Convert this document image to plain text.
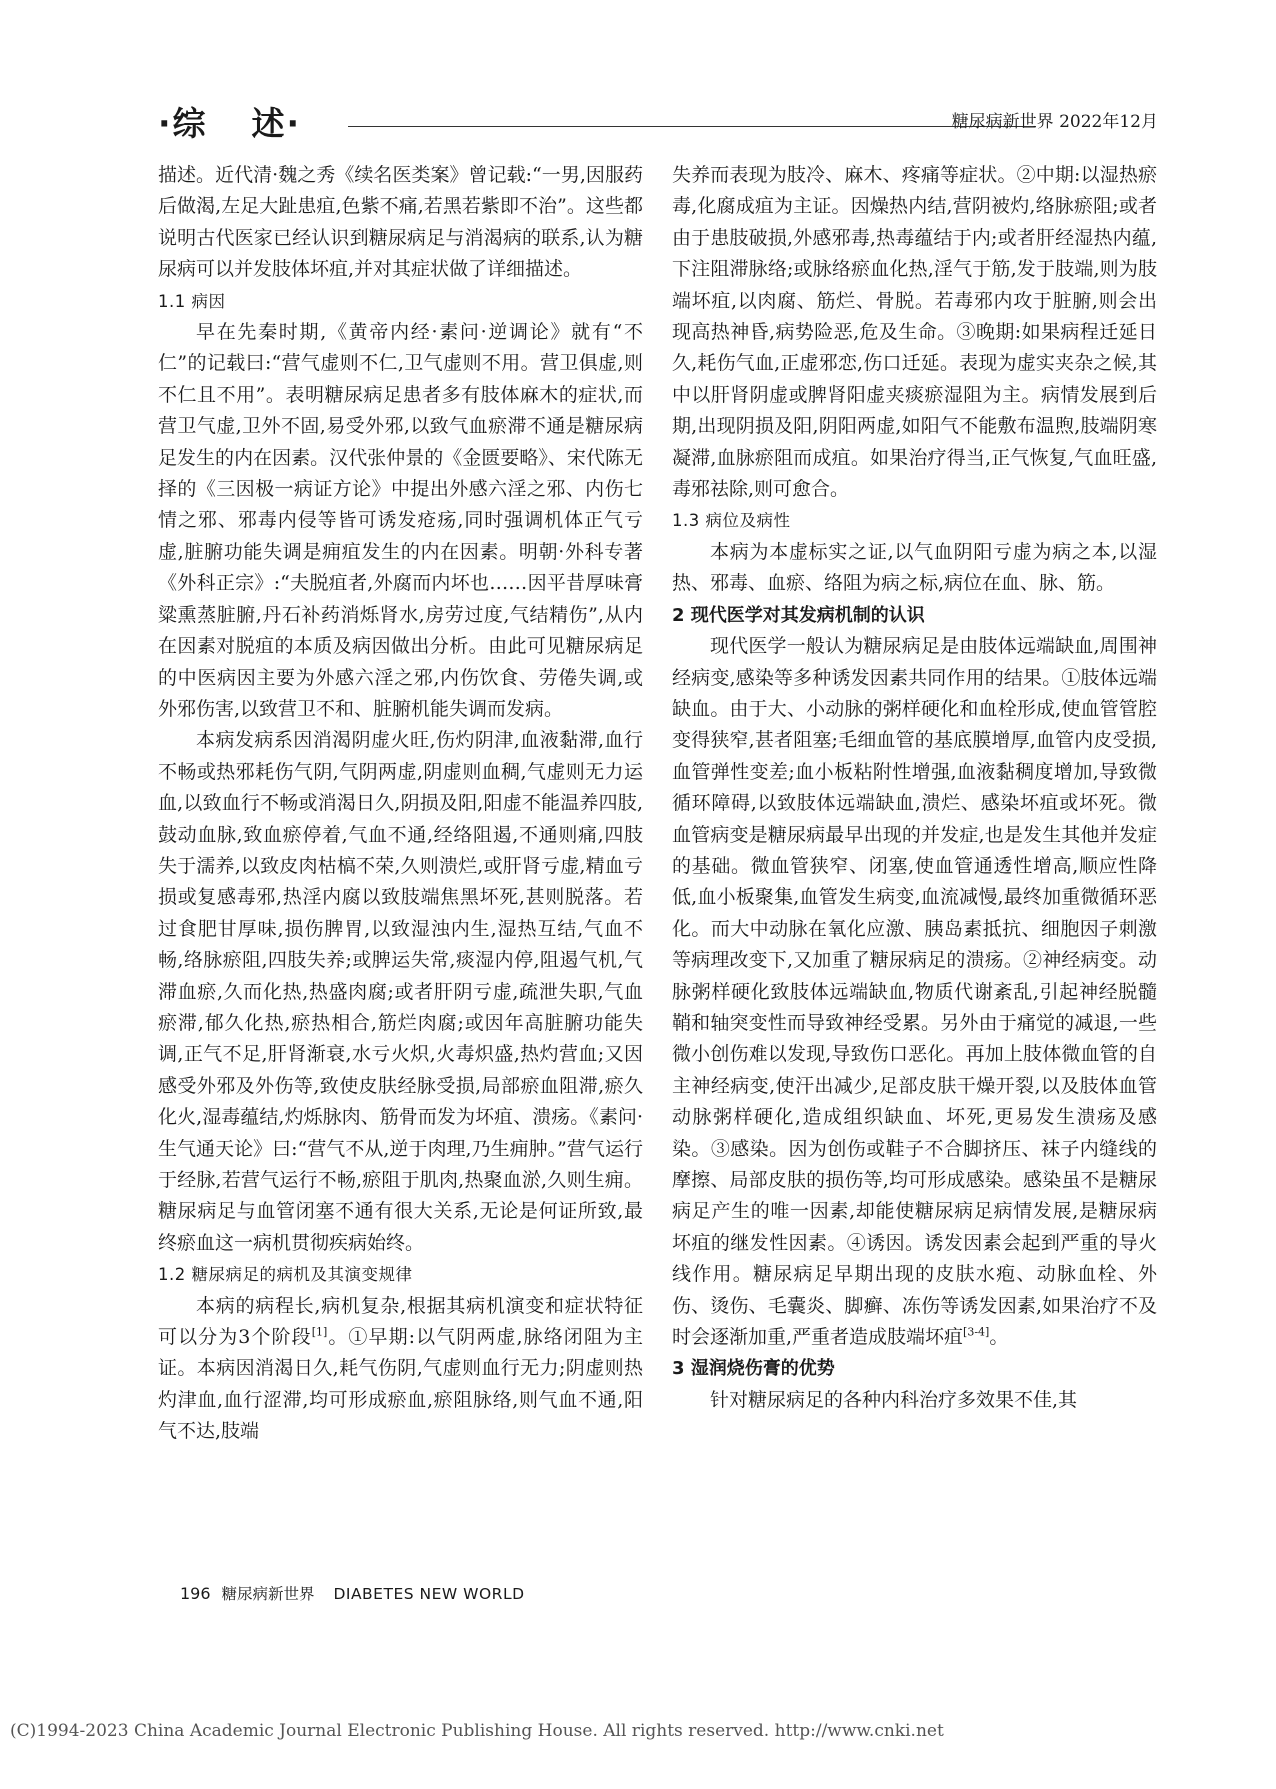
·综 述·	糖尿病新世界 2022年12月

描述。近代清·魏之秀《续名医类案》曾记载:“一男,因服药后做渴,左足大趾患疽,色紫不痛,若黑若紫即不治”。这些都说明古代医家已经认识到糖尿病足与消渴病的联系,认为糖尿病可以并发肢体坏疽,并对其症状做了详细描述。

1.1 病因

早在先秦时期,《黄帝内经·素问·逆调论》就有“不仁”的记载曰:“营气虚则不仁,卫气虚则不用。营卫俱虚,则不仁且不用”。表明糖尿病足患者多有肢体麻木的症状,而营卫气虚,卫外不固,易受外邪,以致气血瘀滞不通是糖尿病足发生的内在因素。汉代张仲景的《金匮要略》、宋代陈无择的《三因极一病证方论》中提出外感六淫之邪、内伤七情之邪、邪毒内侵等皆可诱发疮疡,同时强调机体正气亏虚,脏腑功能失调是痈疽发生的内在因素。明朝·外科专著《外科正宗》:“夫脱疽者,外腐而内坏也……因平昔厚味膏粱熏蒸脏腑,丹石补药消烁肾水,房劳过度,气结精伤”,从内在因素对脱疽的本质及病因做出分析。由此可见糖尿病足的中医病因主要为外感六淫之邪,内伤饮食、劳倦失调,或外邪伤害,以致营卫不和、脏腑机能失调而发病。

本病发病系因消渴阴虚火旺,伤灼阴津,血液黏滞,血行不畅或热邪耗伤气阴,气阴两虚,阴虚则血稠,气虚则无力运血,以致血行不畅或消渴日久,阴损及阳,阳虚不能温养四肢,鼓动血脉,致血瘀停着,气血不通,经络阻遏,不通则痛,四肢失于濡养,以致皮肉枯槁不荣,久则溃烂,或肝肾亏虚,精血亏损或复感毒邪,热淫内腐以致肢端焦黑坏死,甚则脱落。若过食肥甘厚味,损伤脾胃,以致湿浊内生,湿热互结,气血不畅,络脉瘀阻,四肢失养;或脾运失常,痰湿内停,阻遏气机,气滞血瘀,久而化热,热盛肉腐;或者肝阴亏虚,疏泄失职,气血瘀滞,郁久化热,瘀热相合,筋烂肉腐;或因年高脏腑功能失调,正气不足,肝肾渐衰,水亏火炽,火毒炽盛,热灼营血;又因感受外邪及外伤等,致使皮肤经脉受损,局部瘀血阻滞,瘀久化火,湿毒蕴结,灼烁脉肉、筋骨而发为坏疽、溃疡。《素问·生气通天论》曰:“营气不从,逆于肉理,乃生痈肿。”营气运行于经脉,若营气运行不畅,瘀阻于肌肉,热聚血淤,久则生痈。糖尿病足与血管闭塞不通有很大关系,无论是何证所致,最终瘀血这一病机贯彻疾病始终。

1.2 糖尿病足的病机及其演变规律

本病的病程长,病机复杂,根据其病机演变和症状特征可以分为3个阶段[1]。①早期:以气阴两虚,脉络闭阻为主证。本病因消渴日久,耗气伤阴,气虚则血行无力;阴虚则热灼津血,血行涩滞,均可形成瘀血,瘀阻脉络,则气血不通,阳气不达,肢端

失养而表现为肢冷、麻木、疼痛等症状。②中期:以湿热瘀毒,化腐成疽为主证。因燥热内结,营阴被灼,络脉瘀阻;或者由于患肢破损,外感邪毒,热毒蕴结于内;或者肝经湿热内蕴,下注阻滞脉络;或脉络瘀血化热,淫气于筋,发于肢端,则为肢端坏疽,以肉腐、筋烂、骨脱。若毒邪内攻于脏腑,则会出现高热神昏,病势险恶,危及生命。③晚期:如果病程迁延日久,耗伤气血,正虚邪恋,伤口迁延。表现为虚实夹杂之候,其中以肝肾阴虚或脾肾阳虚夹痰瘀湿阻为主。病情发展到后期,出现阴损及阳,阴阳两虚,如阳气不能敷布温煦,肢端阴寒凝滞,血脉瘀阻而成疽。如果治疗得当,正气恢复,气血旺盛,毒邪祛除,则可愈合。

1.3 病位及病性

本病为本虚标实之证,以气血阴阳亏虚为病之本,以湿热、邪毒、血瘀、络阻为病之标,病位在血、脉、筋。

2 现代医学对其发病机制的认识

现代医学一般认为糖尿病足是由肢体远端缺血,周围神经病变,感染等多种诱发因素共同作用的结果。①肢体远端缺血。由于大、小动脉的粥样硬化和血栓形成,使血管管腔变得狭窄,甚者阻塞;毛细血管的基底膜增厚,血管内皮受损,血管弹性变差;血小板粘附性增强,血液黏稠度增加,导致微循环障碍,以致肢体远端缺血,溃烂、感染坏疽或坏死。微血管病变是糖尿病最早出现的并发症,也是发生其他并发症的基础。微血管狭窄、闭塞,使血管通透性增高,顺应性降低,血小板聚集,血管发生病变,血流减慢,最终加重微循环恶化。而大中动脉在氧化应激、胰岛素抵抗、细胞因子刺激等病理改变下,又加重了糖尿病足的溃疡。②神经病变。动脉粥样硬化致肢体远端缺血,物质代谢紊乱,引起神经脱髓鞘和轴突变性而导致神经受累。另外由于痛觉的减退,一些微小创伤难以发现,导致伤口恶化。再加上肢体微血管的自主神经病变,使汗出减少,足部皮肤干燥开裂,以及肢体血管动脉粥样硬化,造成组织缺血、坏死,更易发生溃疡及感染。③感染。因为创伤或鞋子不合脚挤压、袜子内缝线的摩擦、局部皮肤的损伤等,均可形成感染。感染虽不是糖尿病足产生的唯一因素,却能使糖尿病足病情发展,是糖尿病坏疽的继发性因素。④诱因。诱发因素会起到严重的导火线作用。糖尿病足早期出现的皮肤水疱、动脉血栓、外伤、烫伤、毛囊炎、脚癣、冻伤等诱发因素,如果治疗不及时会逐渐加重,严重者造成肢端坏疽[3-4]。

3 湿润烧伤膏的优势

针对糖尿病足的各种内科治疗多效果不佳,其

196 糖尿病新世界 DIABETES NEW WORLD
(C)1994-2023 China Academic Journal Electronic Publishing House. All rights reserved. http://www.cnki.net
